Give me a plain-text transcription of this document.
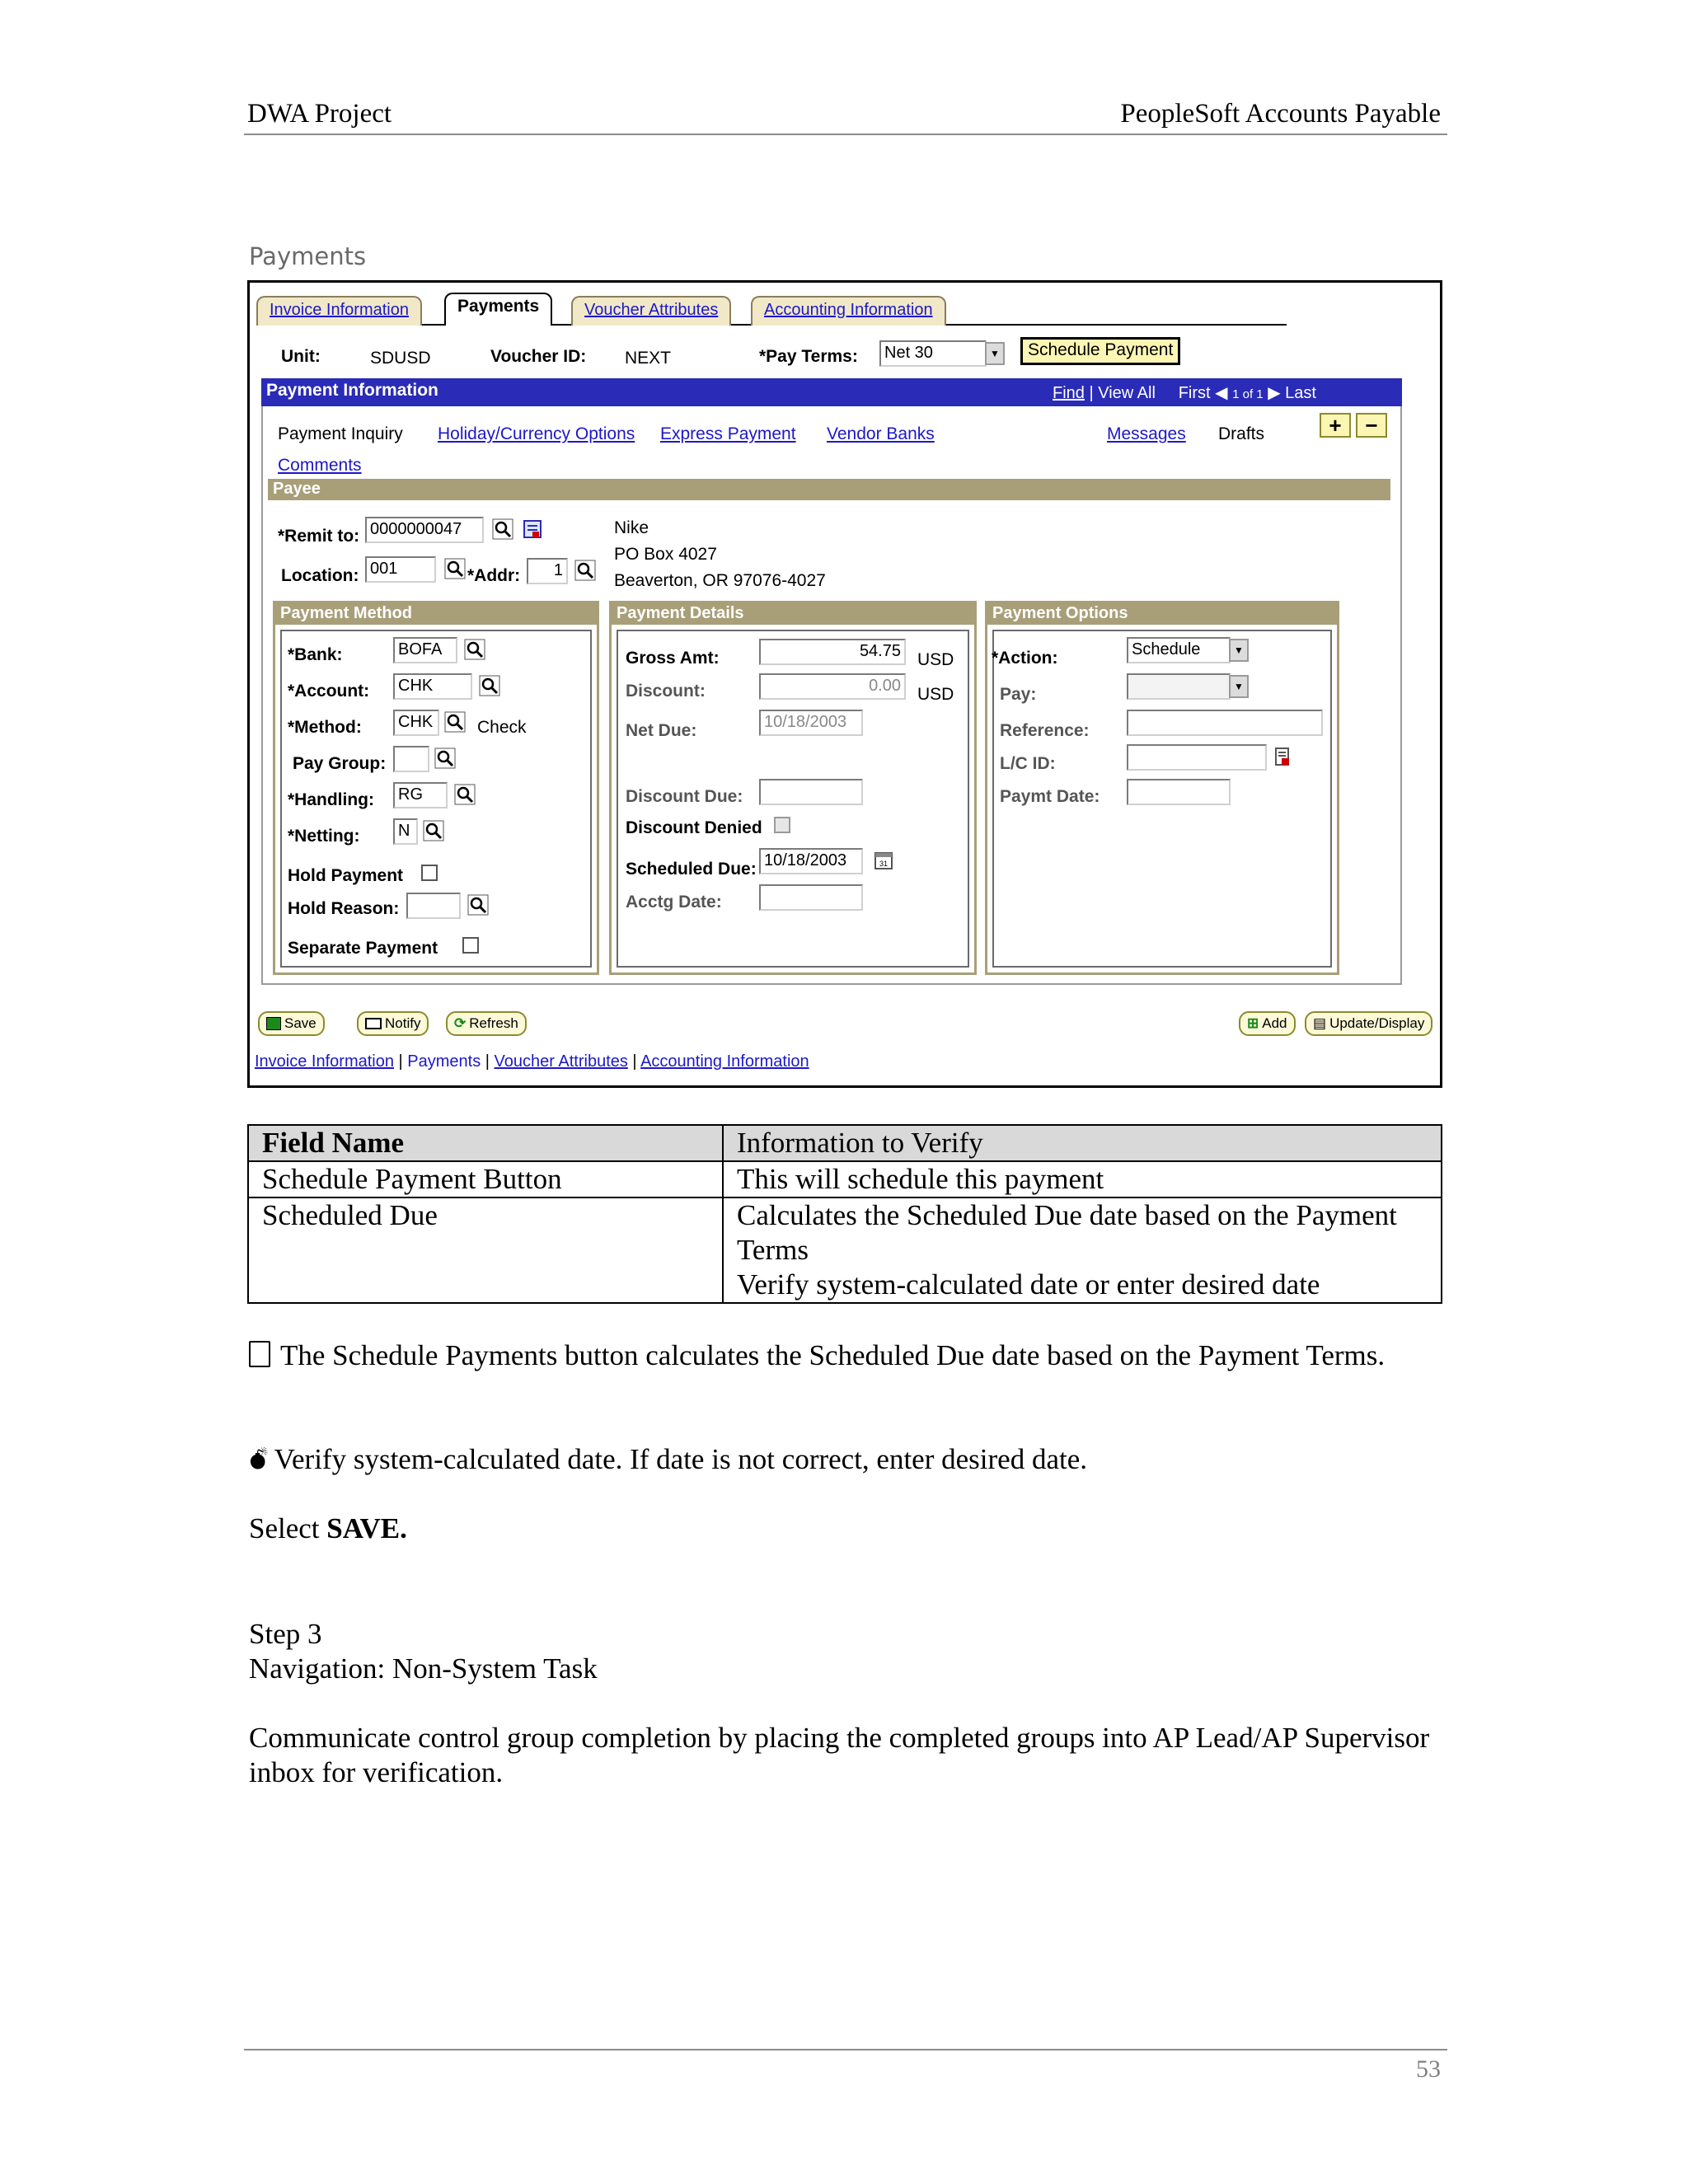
DWA Project	PeopleSoft Accounts Payable
Payments
Invoice Information	Payments	Voucher Attributes	Accounting Information
Unit:	SDUSD	Voucher ID: NEXT	*Pay Terms:	Net 30	▼	Schedule Payment
Payment Information	Find | View All First ◀ 1 of 1 ▶ Last
Payment Inquiry Holiday/Currency Options Express Payment Vendor Banks	Messages Drafts	+	−
Comments
Payee
*Remit to: 0000000047
Location: 001	*Addr:	1
Nike
PO Box 4027
Beaverton, OR 97076-4027
Payment Method
*Bank:	BOFA
*Account:	CHK
*Method:	CHK	Check
Pay Group:
*Handling:	RG
*Netting:	N
Hold Payment
Hold Reason:
Separate Payment
Payment Details
Gross Amt:	54.75 USD
Discount:	0.00 USD
Net Due:	10/18/2003
Discount Due:
Discount Denied
Scheduled Due: 10/18/2003	31
Acctg Date:
Payment Options
*Action:	Schedule	▼
Pay:	▼
Reference:
L/C ID:
Paymt Date:
Save	Notify ⟳ Refresh	⊞ Add ▤ Update/Display
Invoice Information | Payments | Voucher Attributes | Accounting Information
Field Name	Information to Verify
Schedule Payment Button	This will schedule this payment
Scheduled Due	Calculates the Scheduled Due date based on the Payment Terms
Verify system-calculated date or enter desired date
The Schedule Payments button calculates the Scheduled Due date based on the Payment Terms.
💣︎ Verify system-calculated date. If date is not correct, enter desired date.
Select SAVE.
Step 3
Navigation: Non-System Task
Communicate control group completion by placing the completed groups into AP Lead/AP Supervisor inbox for verification.
53
